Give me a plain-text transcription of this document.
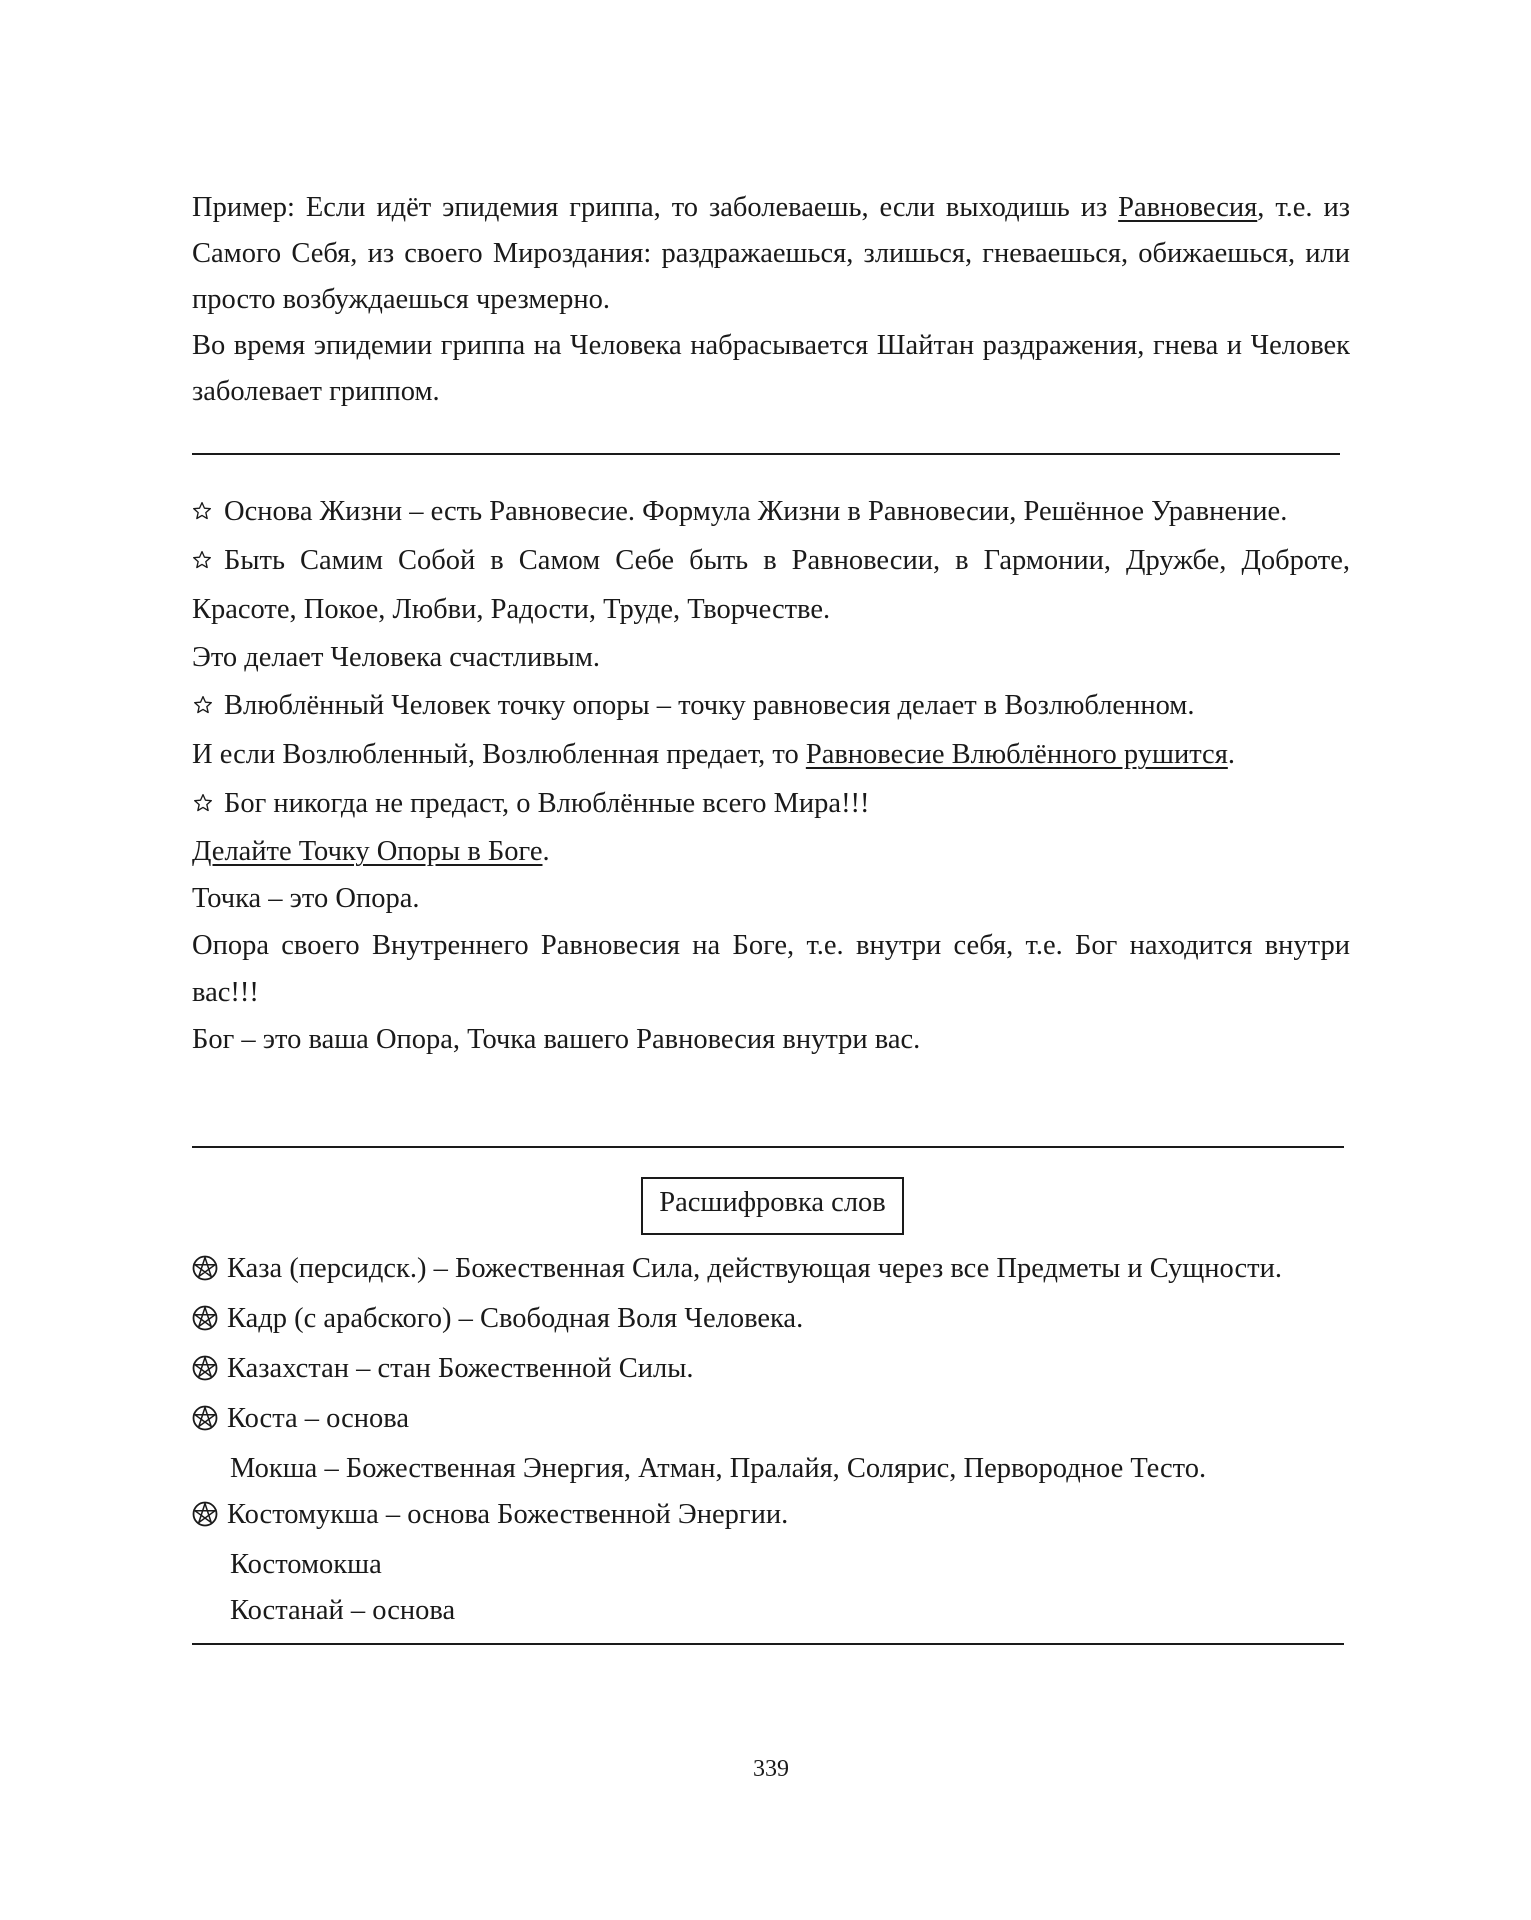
Пример: Если идёт эпидемия гриппа, то заболеваешь, если выходишь из Равновесия, т.е. из Самого Себя, из своего Мироздания: раздражаешься, злишься, гневаешься, обижаешься, или просто возбуждаешься чрезмерно.

Во время эпидемии гриппа на Человека набрасывается Шайтан раздражения, гнева и Человек заболевает гриппом.

Основа Жизни – есть Равновесие. Формула Жизни в Равновесии, Решённое Уравнение.

Быть Самим Собой в Самом Себе быть в Равновесии, в Гармонии, Дружбе, Доброте, Красоте, Покое, Любви, Радости, Труде, Творчестве.

Это делает Человека счастливым.

Влюблённый Человек точку опоры – точку равновесия делает в Возлюбленном.

И если Возлюбленный, Возлюбленная предает, то Равновесие Влюблённого рушится.

Бог никогда не предаст, о Влюблённые всего Мира!!!

Делайте Точку Опоры в Боге.

Точка – это Опора.

Опора своего Внутреннего Равновесия на Боге, т.е. внутри себя, т.е. Бог находится внутри вас!!!

Бог – это ваша Опора, Точка вашего Равновесия внутри вас.

Расшифровка слов

Каза (персидск.) – Божественная Сила, действующая через все Предметы и Сущности.

Кадр (с арабского) – Свободная Воля Человека.

Казахстан – стан Божественной Силы.

Коста – основа

Мокша – Божественная Энергия, Атман, Пралайя, Солярис, Первородное Тесто.

Костомукша – основа Божественной Энергии.

Костомокша

Костанай – основа

339
